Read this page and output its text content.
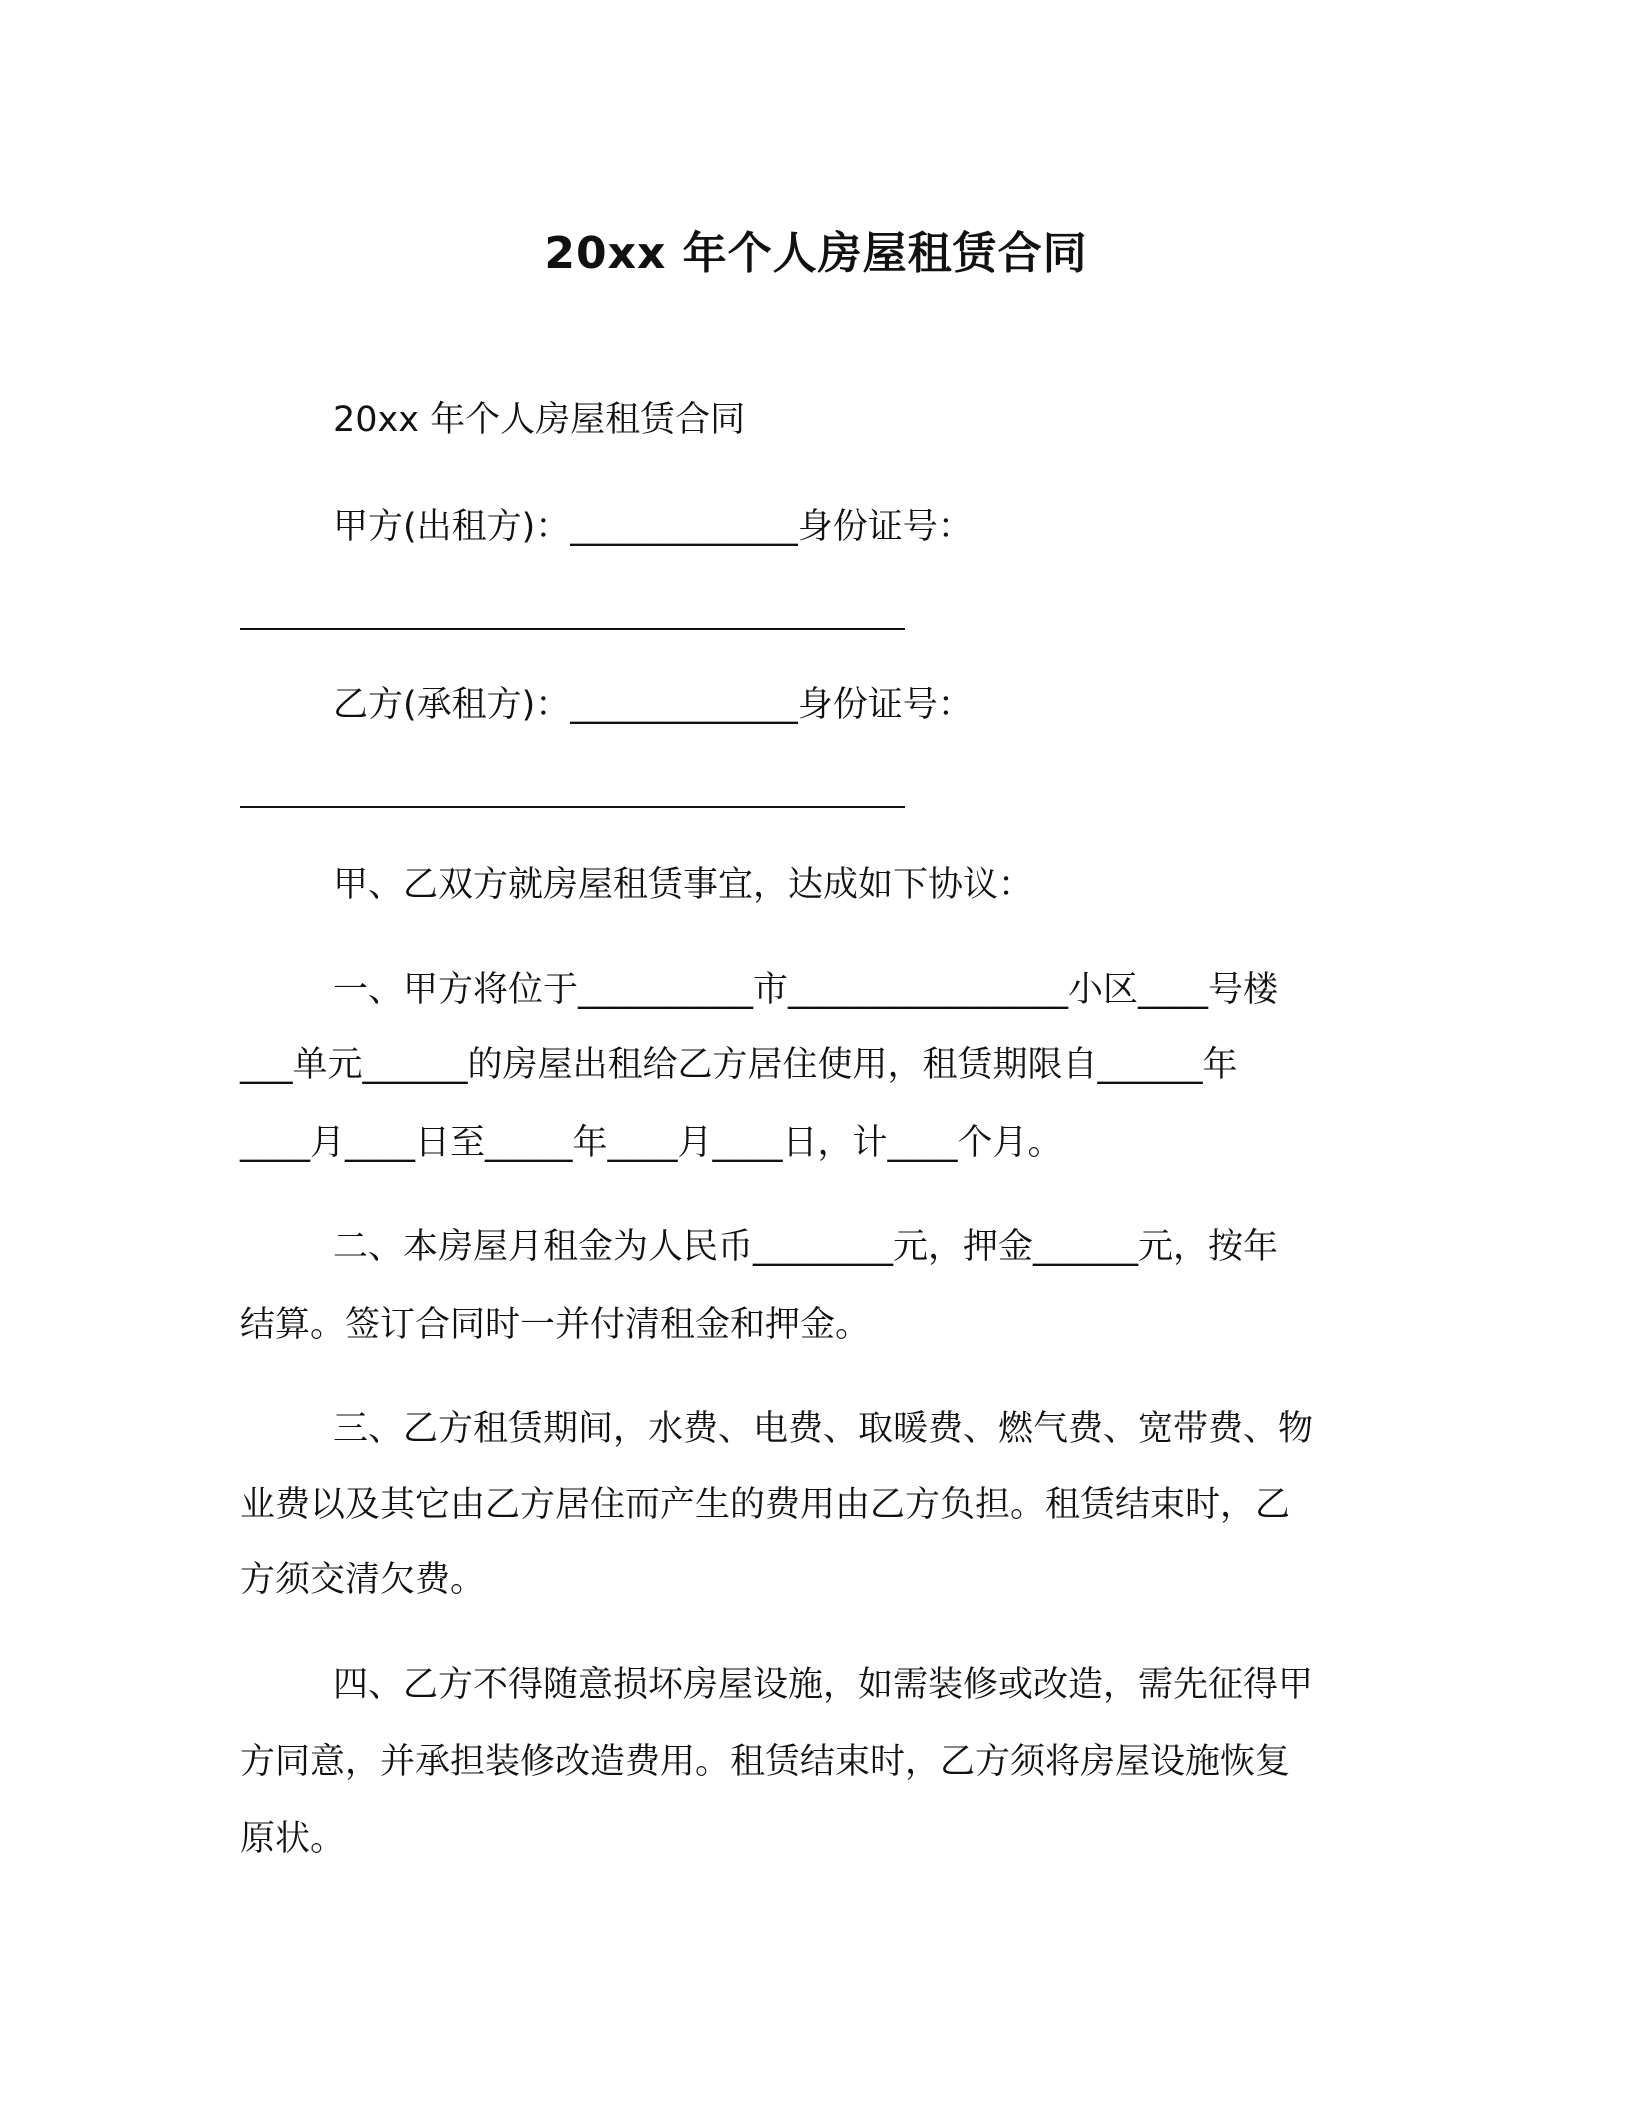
20xx 年个人房屋租赁合同
20xx 年个人房屋租赁合同
甲方(出租方)：_____________身份证号：
乙方(承租方)：_____________身份证号：
甲、乙双方就房屋租赁事宜，达成如下协议：
一、甲方将位于__________市________________小区____号楼
___单元______的房屋出租给乙方居住使用，租赁期限自______年
____月____日至_____年____月____日，计____个月。
二、本房屋月租金为人民币________元，押金______元，按年
结算。签订合同时一并付清租金和押金。
三、乙方租赁期间，水费、电费、取暖费、燃气费、宽带费、物
业费以及其它由乙方居住而产生的费用由乙方负担。租赁结束时，乙
方须交清欠费。
四、乙方不得随意损坏房屋设施，如需装修或改造，需先征得甲
方同意，并承担装修改造费用。租赁结束时，乙方须将房屋设施恢复
原状。
